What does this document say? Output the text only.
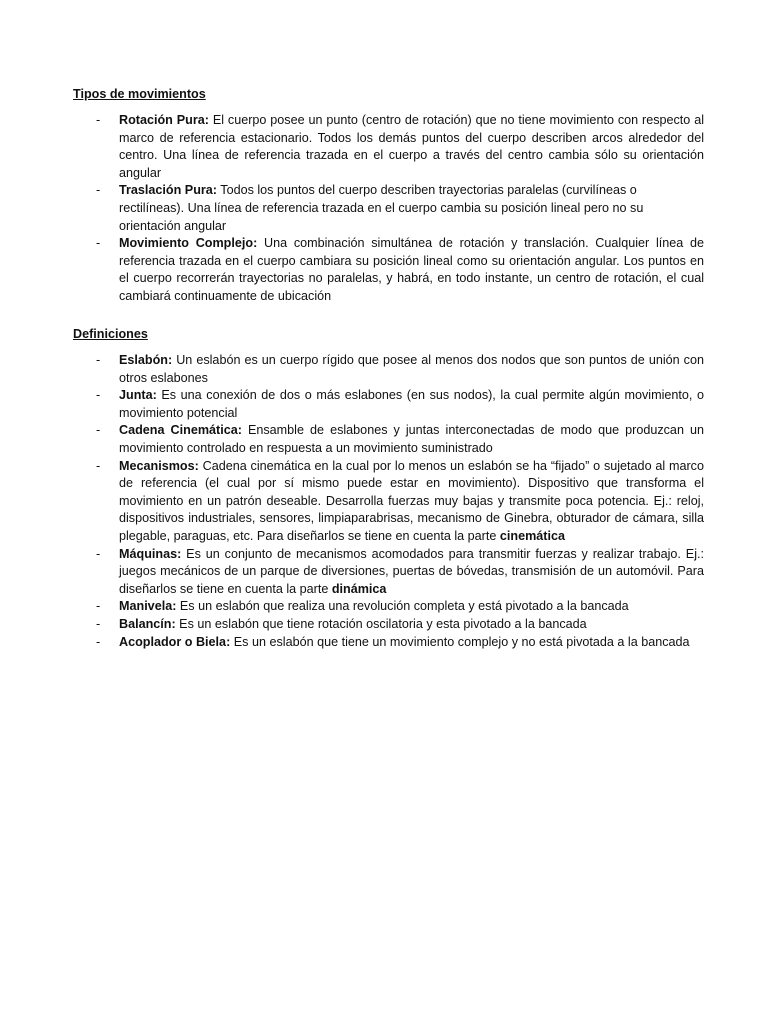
Tipos de movimientos
- Rotación Pura: El cuerpo posee un punto (centro de rotación) que no tiene movimiento con respecto al marco de referencia estacionario. Todos los demás puntos del cuerpo describen arcos alrededor del centro. Una línea de referencia trazada en el cuerpo a través del centro cambia sólo su orientación angular
- Traslación Pura: Todos los puntos del cuerpo describen trayectorias paralelas (curvilíneas o rectilíneas). Una línea de referencia trazada en el cuerpo cambia su posición lineal pero no su orientación angular
- Movimiento Complejo: Una combinación simultánea de rotación y translación. Cualquier línea de referencia trazada en el cuerpo cambiara su posición lineal como su orientación angular. Los puntos en el cuerpo recorrerán trayectorias no paralelas, y habrá, en todo instante, un centro de rotación, el cual cambiará continuamente de ubicación
Definiciones
- Eslabón: Un eslabón es un cuerpo rígido que posee al menos dos nodos que son puntos de unión con otros eslabones
- Junta: Es una conexión de dos o más eslabones (en sus nodos), la cual permite algún movimiento, o movimiento potencial
- Cadena Cinemática: Ensamble de eslabones y juntas interconectadas de modo que produzcan un movimiento controlado en respuesta a un movimiento suministrado
- Mecanismos: Cadena cinemática en la cual por lo menos un eslabón se ha “fijado” o sujetado al marco de referencia (el cual por sí mismo puede estar en movimiento). Dispositivo que transforma el movimiento en un patrón deseable. Desarrolla fuerzas muy bajas y transmite poca potencia. Ej.: reloj, dispositivos industriales, sensores, limpiaparabrisas, mecanismo de Ginebra, obturador de cámara, silla plegable, paraguas, etc. Para diseñarlos se tiene en cuenta la parte cinemática
- Máquinas: Es un conjunto de mecanismos acomodados para transmitir fuerzas y realizar trabajo. Ej.: juegos mecánicos de un parque de diversiones, puertas de bóvedas, transmisión de un automóvil. Para diseñarlos se tiene en cuenta la parte dinámica
- Manivela: Es un eslabón que realiza una revolución completa y está pivotado a la bancada
- Balancín: Es un eslabón que tiene rotación oscilatoria y esta pivotado a la bancada
- Acoplador o Biela: Es un eslabón que tiene un movimiento complejo y no está pivotada a la bancada
